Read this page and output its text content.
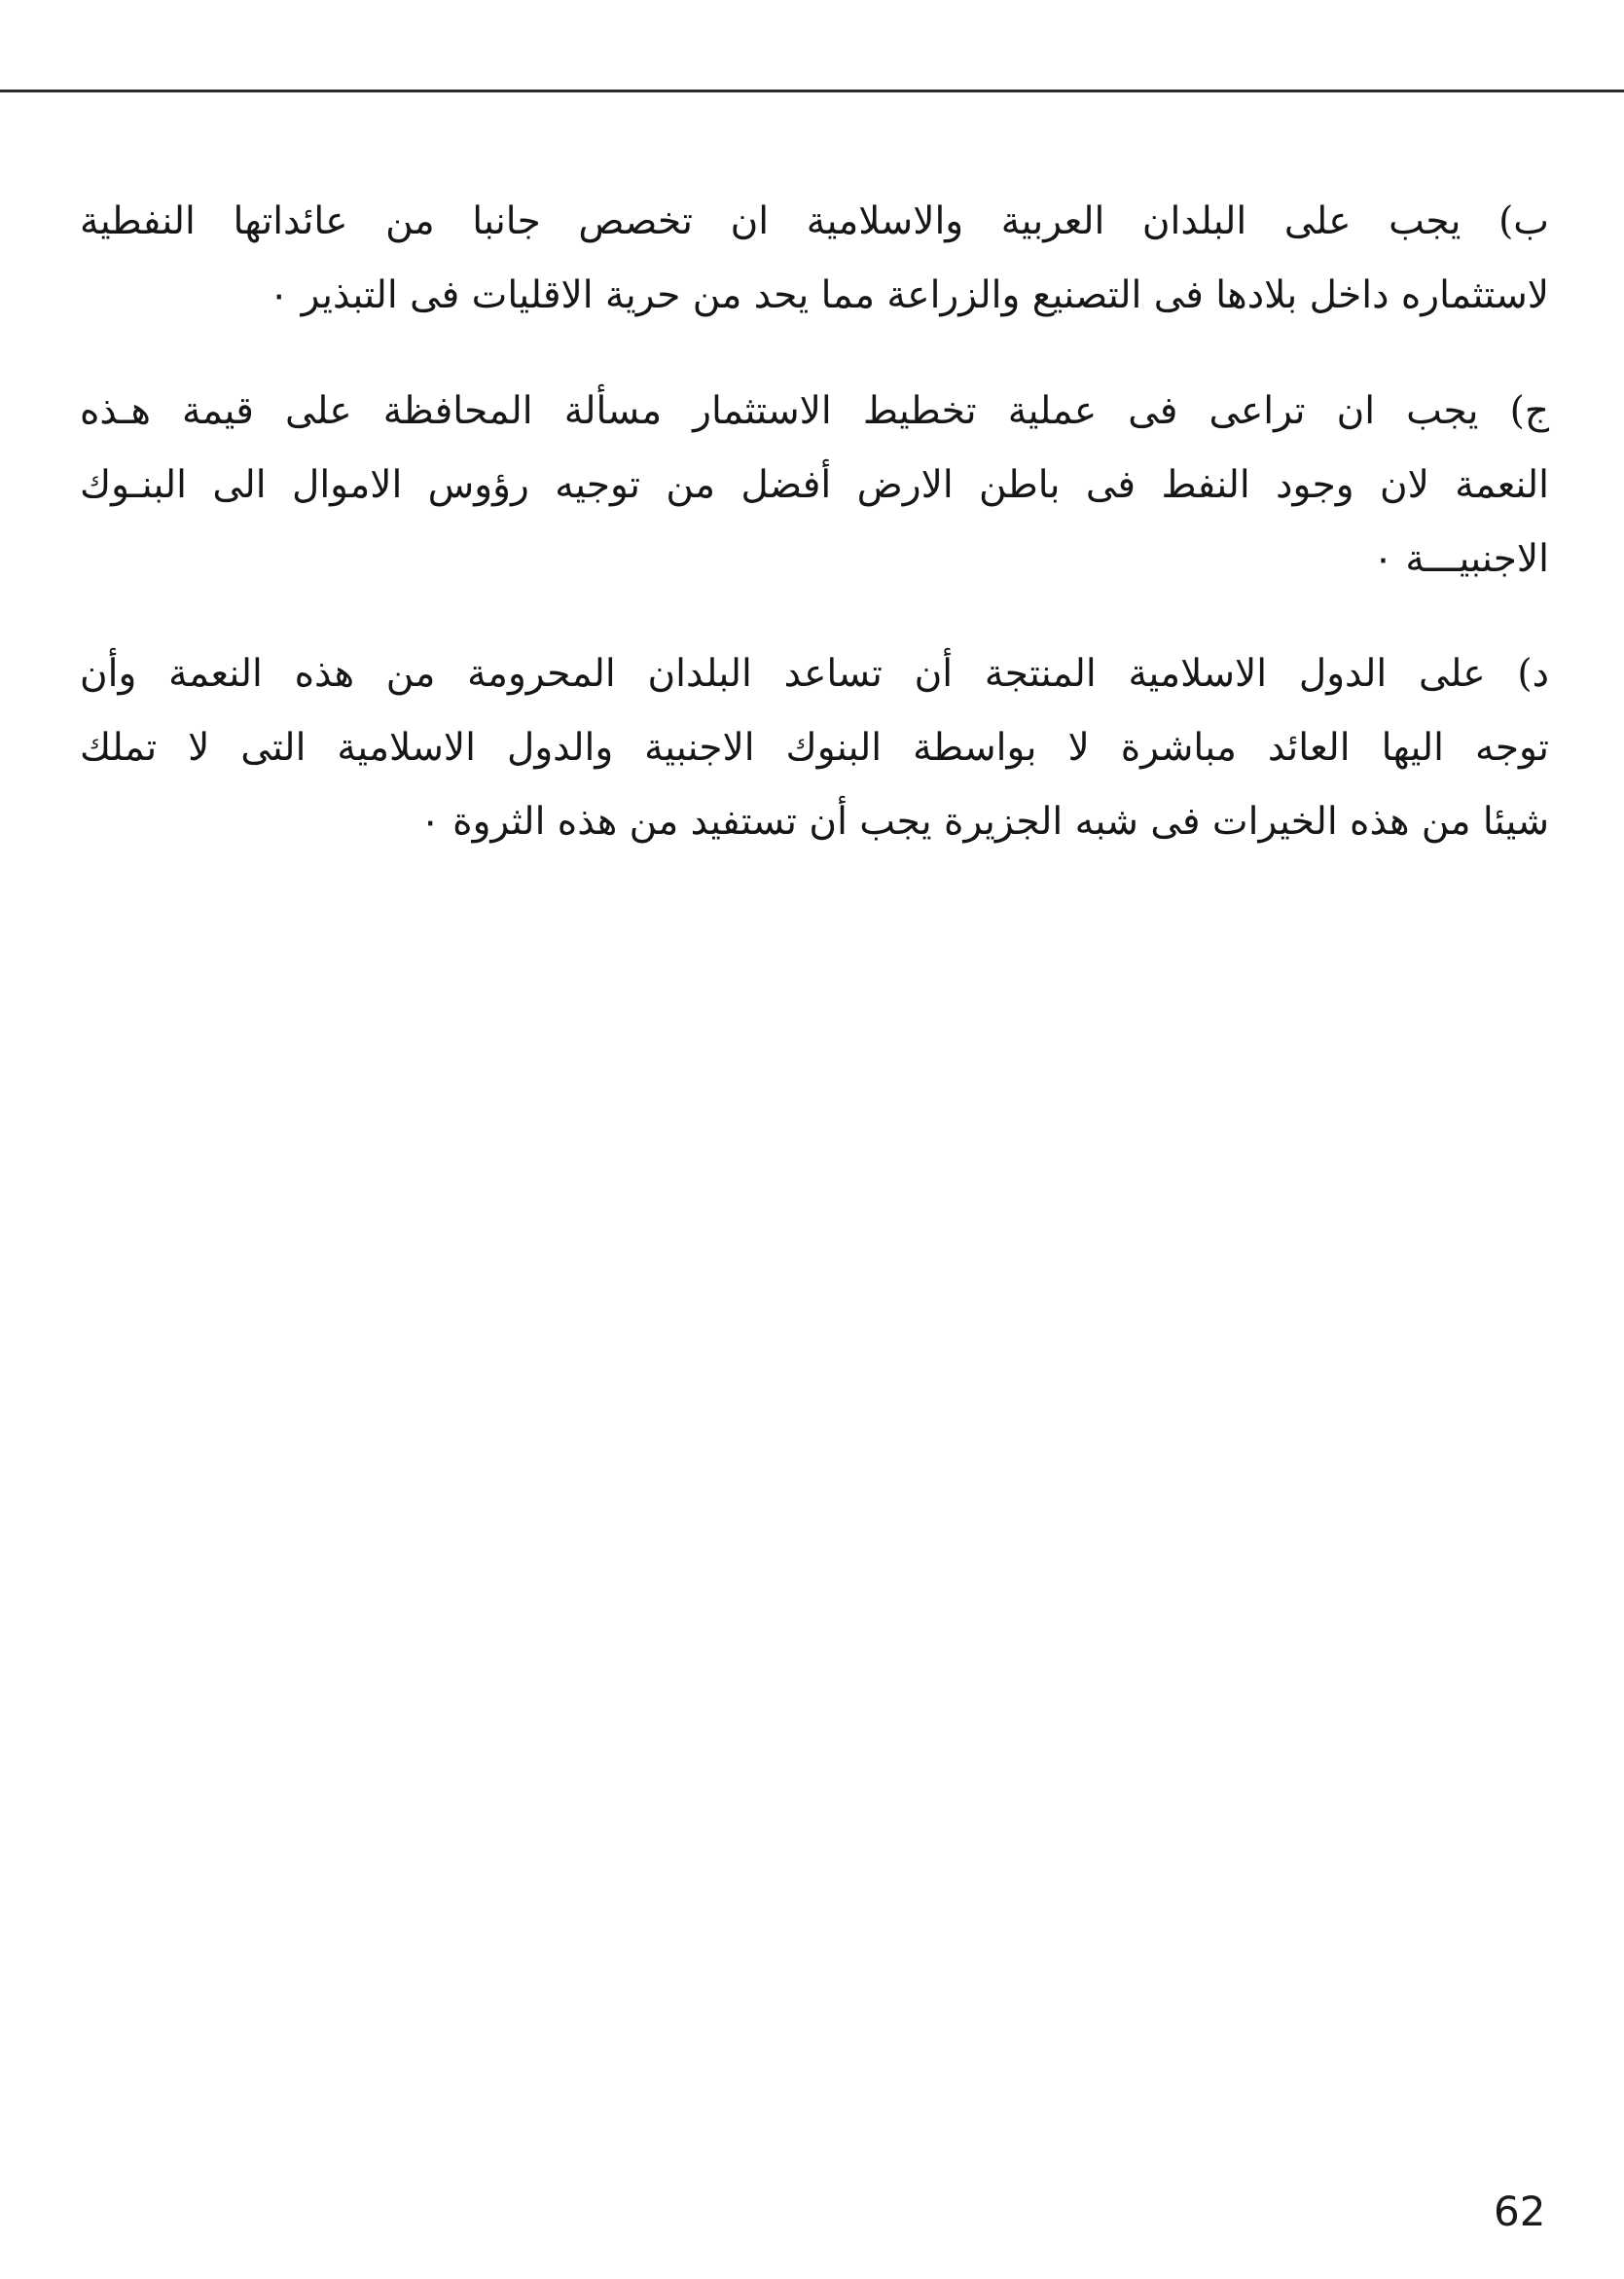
ب) يجب على البلدان العربية والاسلامية ان تخصص جانبا من عائداتها النفطية
لاستثماره داخل بلادها فى التصنيع والزراعة مما يحد من حرية الاقليات فى التبذير ٠
ج) يجب ان تراعى فى عملية تخطيط الاستثمار مسألة المحافظة على قيمة هـذه
النعمة لان وجود النفط فى باطن الارض أفضل من توجيه رؤوس الاموال الى البنـوك
الاجنبيـــة ٠
د) على الدول الاسلامية المنتجة أن تساعد البلدان المحرومة من هذه النعمة وأن
توجه اليها العائد مباشرة لا بواسطة البنوك الاجنبية والدول الاسلامية التى لا تملك
شيئا من هذه الخيرات فى شبه الجزيرة يجب أن تستفيد من هذه الثروة ٠
62
